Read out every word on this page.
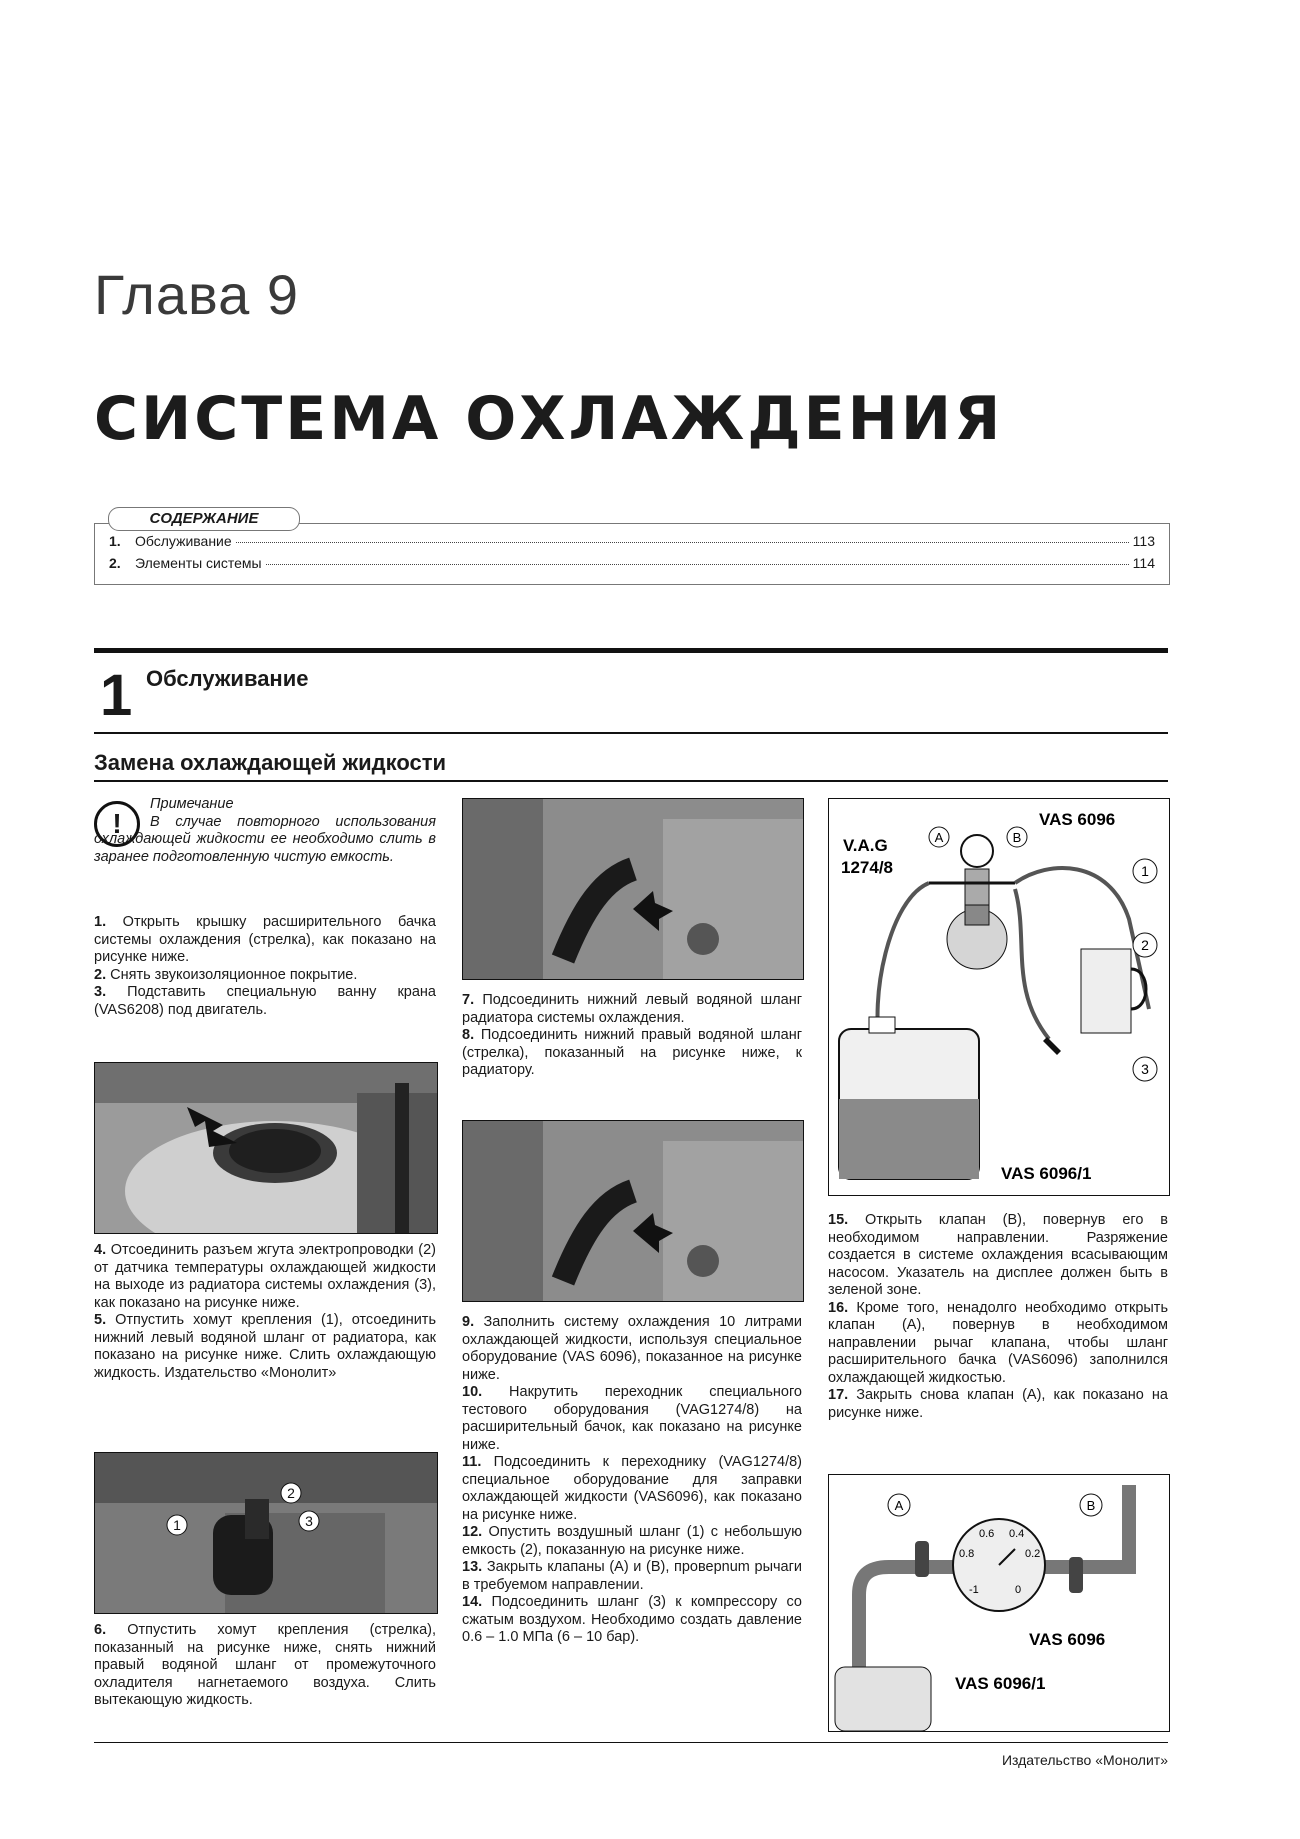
Глава 9
СИСТЕМА ОХЛАЖДЕНИЯ
1.	Обслуживание	113
2.	Элементы системы	114
СОДЕРЖАНИЕ
1 Обслуживание
Замена охлаждающей жидкости
!

Примечание

В случае повторного использования охлаждающей жидкости ее необходимо слить в заранее подготовленную чистую емкость.

1. Открыть крышку расширительного бачка системы охлаждения (стрелка), как показано на рисунке ниже.

2. Снять звукоизоляционное покрытие.

3. Подставить специальную ванну крана (VAS6208) под двигатель.

4. Отсоединить разъем жгута электропроводки (2) от датчика температуры охлаждающей жидкости на выходе из радиатора системы охлаждения (3), как показано на рисунке ниже.

5. Отпустить хомут крепления (1), отсоединить нижний левый водяной шланг от радиатора, как показано на рисунке ниже. Слить охлаждающую жидкость. Издательство «Монолит»

1
2
3

6. Отпустить хомут крепления (стрелка), показанный на рисунке ниже, снять нижний правый водяной шланг от промежуточного охладителя нагнетаемого воздуха. Слить вытекающую жидкость.

7. Подсоединить нижний левый водяной шланг радиатора системы охлаждения.

8. Подсоединить нижний правый водяной шланг (стрелка), показанный на рисунке ниже, к радиатору.

9. Заполнить систему охлаждения 10 литрами охлаждающей жидкости, используя специальное оборудование (VAS 6096), показанное на рисунке ниже.

10. Накрутить переходник специального тестового оборудования (VAG1274/8) на расширительный бачок, как показано на рисунке ниже.

11. Подсоединить к переходнику (VAG1274/8) специальное оборудование для заправки охлаждающей жидкости (VAS6096), как показано на рисунке ниже.

12. Опустить воздушный шланг (1) с небольшую емкость (2), показанную на рисунке ниже.

13. Закрыть клапаны (A) и (B), проверnum рычаги в требуемом направлении.

14. Подсоединить шланг (3) к компрессору со сжатым воздухом. Необходимо создать давление 0.6 – 1.0 МПа (6 – 10 бар).

VAS 6096
V.A.G
1274/8
VAS 6096/1
A	B
1
2
3

15. Открыть клапан (B), повернув его в необходимом направлении. Разряжение создается в системе охлаждения всасывающим насосом. Указатель на дисплее должен быть в зеленой зоне.

16. Кроме того, ненадолго необходимо открыть клапан (A), повернув в необходимом направлении рычаг клапана, чтобы шланг расширительного бачка (VAS6096) заполнился охлаждающей жидкостью.

17. Закрыть снова клапан (A), как показано на рисунке ниже.

0.6 0.4
0.8	0.2
-1	0
A	B
VAS 6096
VAS 6096/1
Издательство «Монолит»
